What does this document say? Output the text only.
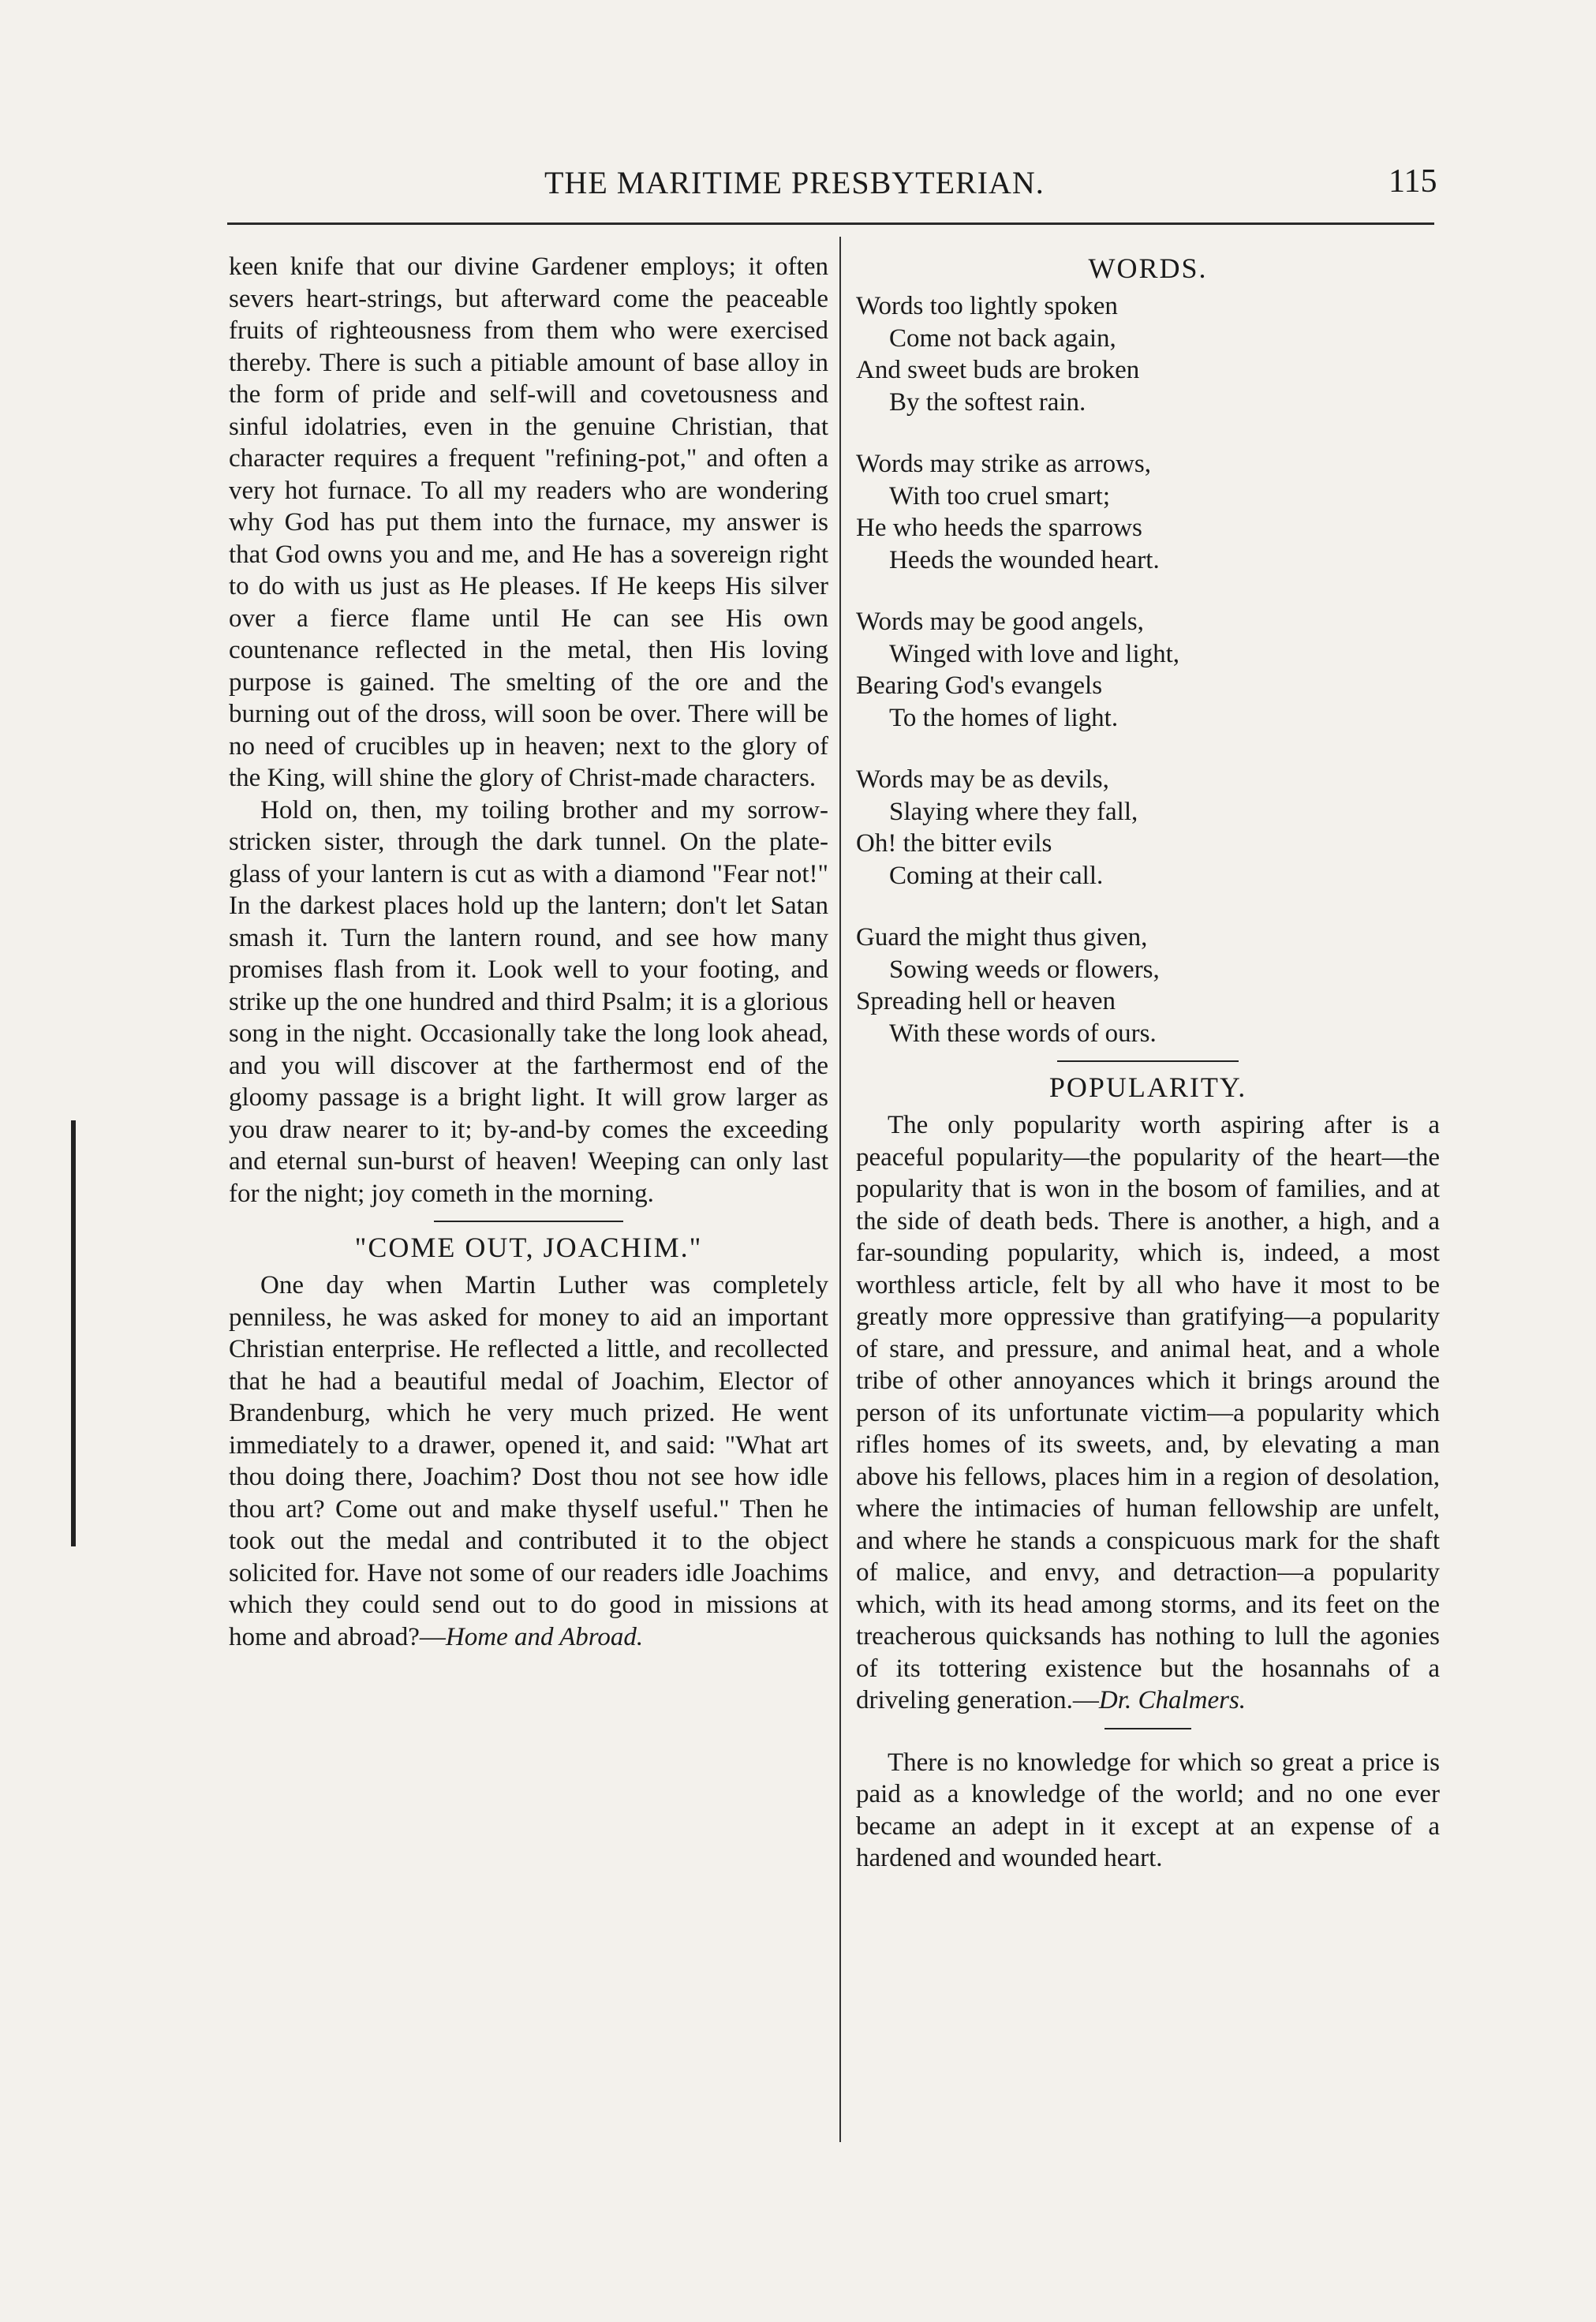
THE MARITIME PRESBYTERIAN.	115

keen knife that our divine Gardener employs; it often severs heart-strings, but afterward come the peaceable fruits of righteousness from them who were exercised thereby. There is such a pitiable amount of base alloy in the form of pride and self-will and covetousness and sinful idolatries, even in the genuine Christian, that character requires a frequent "refining-pot," and often a very hot furnace. To all my readers who are wondering why God has put them into the furnace, my answer is that God owns you and me, and He has a sovereign right to do with us just as He pleases. If He keeps His silver over a fierce flame until He can see His own countenance reflected in the metal, then His loving purpose is gained. The smelting of the ore and the burning out of the dross, will soon be over. There will be no need of crucibles up in heaven; next to the glory of the King, will shine the glory of Christ-made characters.

Hold on, then, my toiling brother and my sorrow-stricken sister, through the dark tunnel. On the plate-glass of your lantern is cut as with a diamond "Fear not!" In the darkest places hold up the lantern; don't let Satan smash it. Turn the lantern round, and see how many promises flash from it. Look well to your footing, and strike up the one hundred and third Psalm; it is a glorious song in the night. Occasionally take the long look ahead, and you will discover at the farthermost end of the gloomy passage is a bright light. It will grow larger as you draw nearer to it; by-and-by comes the exceeding and eternal sun-burst of heaven! Weeping can only last for the night; joy cometh in the morning.

"COME OUT, JOACHIM."

One day when Martin Luther was completely penniless, he was asked for money to aid an important Christian enterprise. He reflected a little, and recollected that he had a beautiful medal of Joachim, Elector of Brandenburg, which he very much prized. He went immediately to a drawer, opened it, and said: "What art thou doing there, Joachim? Dost thou not see how idle thou art? Come out and make thyself useful." Then he took out the medal and contributed it to the object solicited for. Have not some of our readers idle Joachims which they could send out to do good in missions at home and abroad?—Home and Abroad.

WORDS.
Words too lightly spoken
Come not back again,
And sweet buds are broken
By the softest rain.
Words may strike as arrows,
With too cruel smart;
He who heeds the sparrows
Heeds the wounded heart.
Words may be good angels,
Winged with love and light,
Bearing God's evangels
To the homes of light.
Words may be as devils,
Slaying where they fall,
Oh! the bitter evils
Coming at their call.
Guard the might thus given,
Sowing weeds or flowers,
Spreading hell or heaven
With these words of ours.
POPULARITY.

The only popularity worth aspiring after is a peaceful popularity—the popularity of the heart—the popularity that is won in the bosom of families, and at the side of death beds. There is another, a high, and a far-sounding popularity, which is, indeed, a most worthless article, felt by all who have it most to be greatly more oppressive than gratifying—a popularity of stare, and pressure, and animal heat, and a whole tribe of other annoyances which it brings around the person of its unfortunate victim—a popularity which rifles homes of its sweets, and, by elevating a man above his fellows, places him in a region of desolation, where the intimacies of human fellowship are unfelt, and where he stands a conspicuous mark for the shaft of malice, and envy, and detraction—a popularity which, with its head among storms, and its feet on the treacherous quicksands has nothing to lull the agonies of its tottering existence but the hosannahs of a driveling generation.—Dr. Chalmers.

There is no knowledge for which so great a price is paid as a knowledge of the world; and no one ever became an adept in it except at an expense of a hardened and wounded heart.
